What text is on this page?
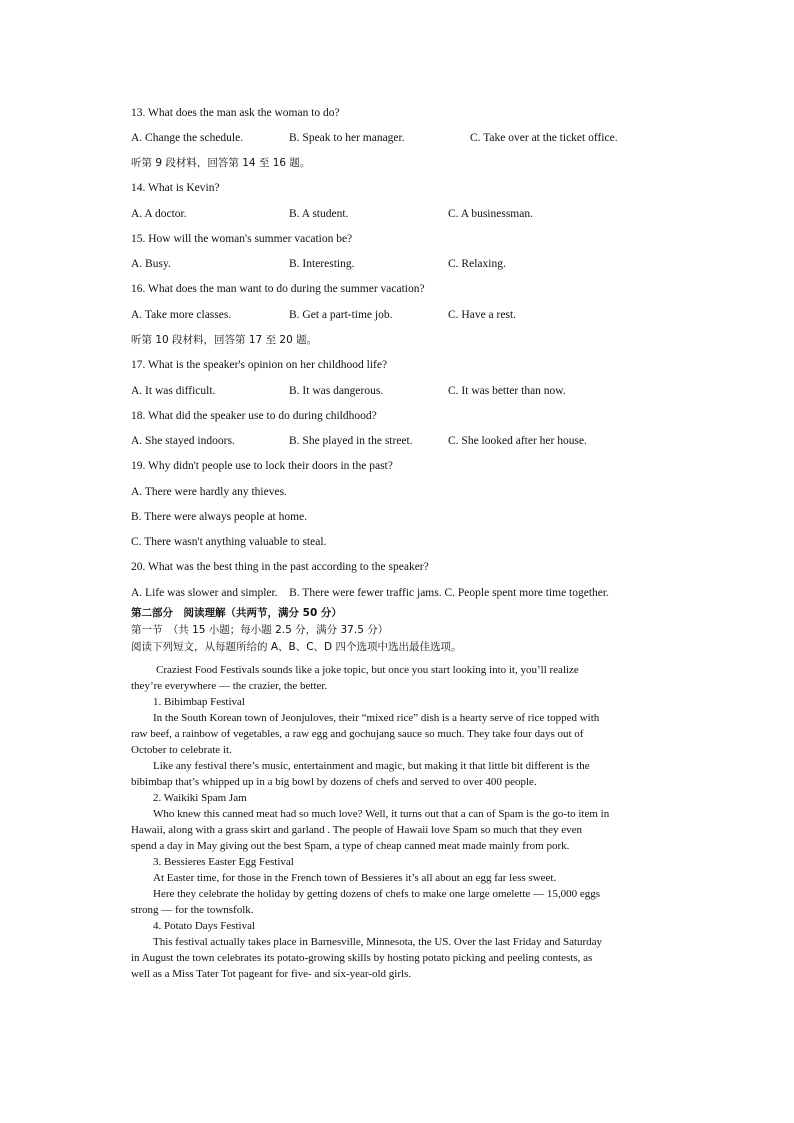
13. What does the man ask the woman to do?
A. Change the schedule.	B. Speak to her manager.	C. Take over at the ticket office.
听第 9 段材料，回答第 14 至 16 题。
14. What is Kevin?
A. A doctor.	B. A student.	C. A businessman.
15. How will the woman's summer vacation be?
A. Busy.	B. Interesting.	C. Relaxing.
16. What does the man want to do during the summer vacation?
A. Take more classes.	B. Get a part-time job.	C. Have a rest.
听第 10 段材料，回答第 17 至 20 题。
17. What is the speaker's opinion on her childhood life?
A. It was difficult.	B. It was dangerous.	C. It was better than now.
18. What did the speaker use to do during childhood?
A. She stayed indoors.	B. She played in the street.	C. She looked after her house.
19. Why didn't people use to lock their doors in the past?
A. There were hardly any thieves.
B. There were always people at home.
C. There wasn't anything valuable to steal.
20. What was the best thing in the past according to the speaker?
A. Life was slower and simpler.    B. There were fewer traffic jams. C. People spent more time together.
第二部分　阅读理解（共两节，满分 50 分）
第一节　（共 15 小题；每小题 2.5 分，满分 37.5 分）
阅读下列短文，从每题所给的 A、B、C、D 四个选项中选出最佳选项。
Craziest Food Festivals sounds like a joke topic, but once you start looking into it, you’ll realize
they’re everywhere — the crazier, the better.
1. Bibimbap Festival
In the South Korean town of Jeonjuloves, their “mixed rice” dish is a hearty serve of rice topped with
raw beef, a rainbow of vegetables, a raw egg and gochujang sauce so much. They take four days out of
October to celebrate it.
Like any festival there’s music, entertainment and magic, but making it that little bit different is the
bibimbap that’s whipped up in a big bowl by dozens of chefs and served to over 400 people.
2. Waikiki Spam Jam
Who knew this canned meat had so much love? Well, it turns out that a can of Spam is the go-to item in
Hawaii, along with a grass skirt and garland . The people of Hawaii love Spam so much that they even
spend a day in May giving out the best Spam, a type of cheap canned meat made mainly from pork.
3. Bessieres Easter Egg Festival
At Easter time, for those in the French town of Bessieres it’s all about an egg far less sweet.
Here they celebrate the holiday by getting dozens of chefs to make one large omelette — 15,000 eggs
strong — for the townsfolk.
4. Potato Days Festival
This festival actually takes place in Barnesville, Minnesota, the US. Over the last Friday and Saturday
in August the town celebrates its potato-growing skills by hosting potato picking and peeling contests, as
well as a Miss Tater Tot pageant for five- and six-year-old girls.
